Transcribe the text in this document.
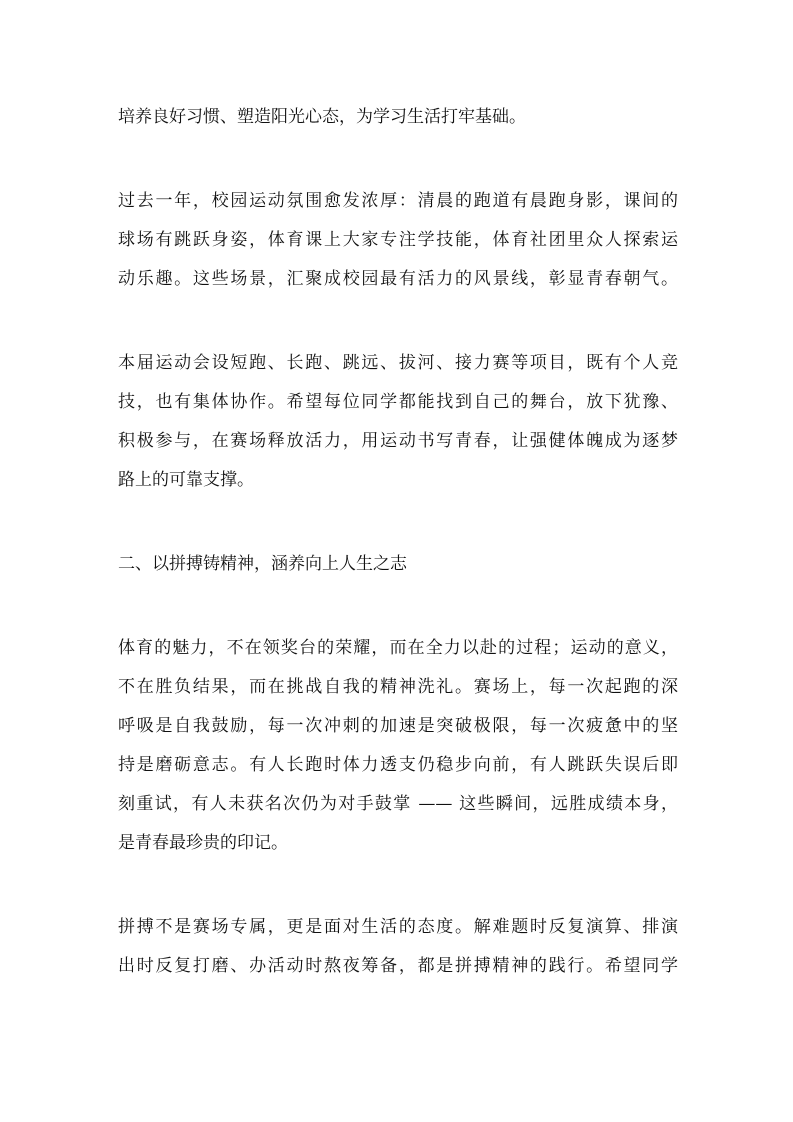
培养良好习惯、塑造阳光心态，为学习生活打牢基础。
过去一年，校园运动氛围愈发浓厚：清晨的跑道有晨跑身影，课间的
球场有跳跃身姿，体育课上大家专注学技能，体育社团里众人探索运
动乐趣。这些场景，汇聚成校园最有活力的风景线，彰显青春朝气。
本届运动会设短跑、长跑、跳远、拔河、接力赛等项目，既有个人竞
技，也有集体协作。希望每位同学都能找到自己的舞台，放下犹豫、
积极参与，在赛场释放活力，用运动书写青春，让强健体魄成为逐梦
路上的可靠支撑。
二、以拼搏铸精神，涵养向上人生之志
体育的魅力，不在领奖台的荣耀，而在全力以赴的过程；运动的意义，
不在胜负结果，而在挑战自我的精神洗礼。赛场上，每一次起跑的深
呼吸是自我鼓励，每一次冲刺的加速是突破极限，每一次疲惫中的坚
持是磨砺意志。有人长跑时体力透支仍稳步向前，有人跳跃失误后即
刻重试，有人未获名次仍为对手鼓掌 —— 这些瞬间，远胜成绩本身，
是青春最珍贵的印记。
拼搏不是赛场专属，更是面对生活的态度。解难题时反复演算、排演
出时反复打磨、办活动时熬夜筹备，都是拼搏精神的践行。希望同学
